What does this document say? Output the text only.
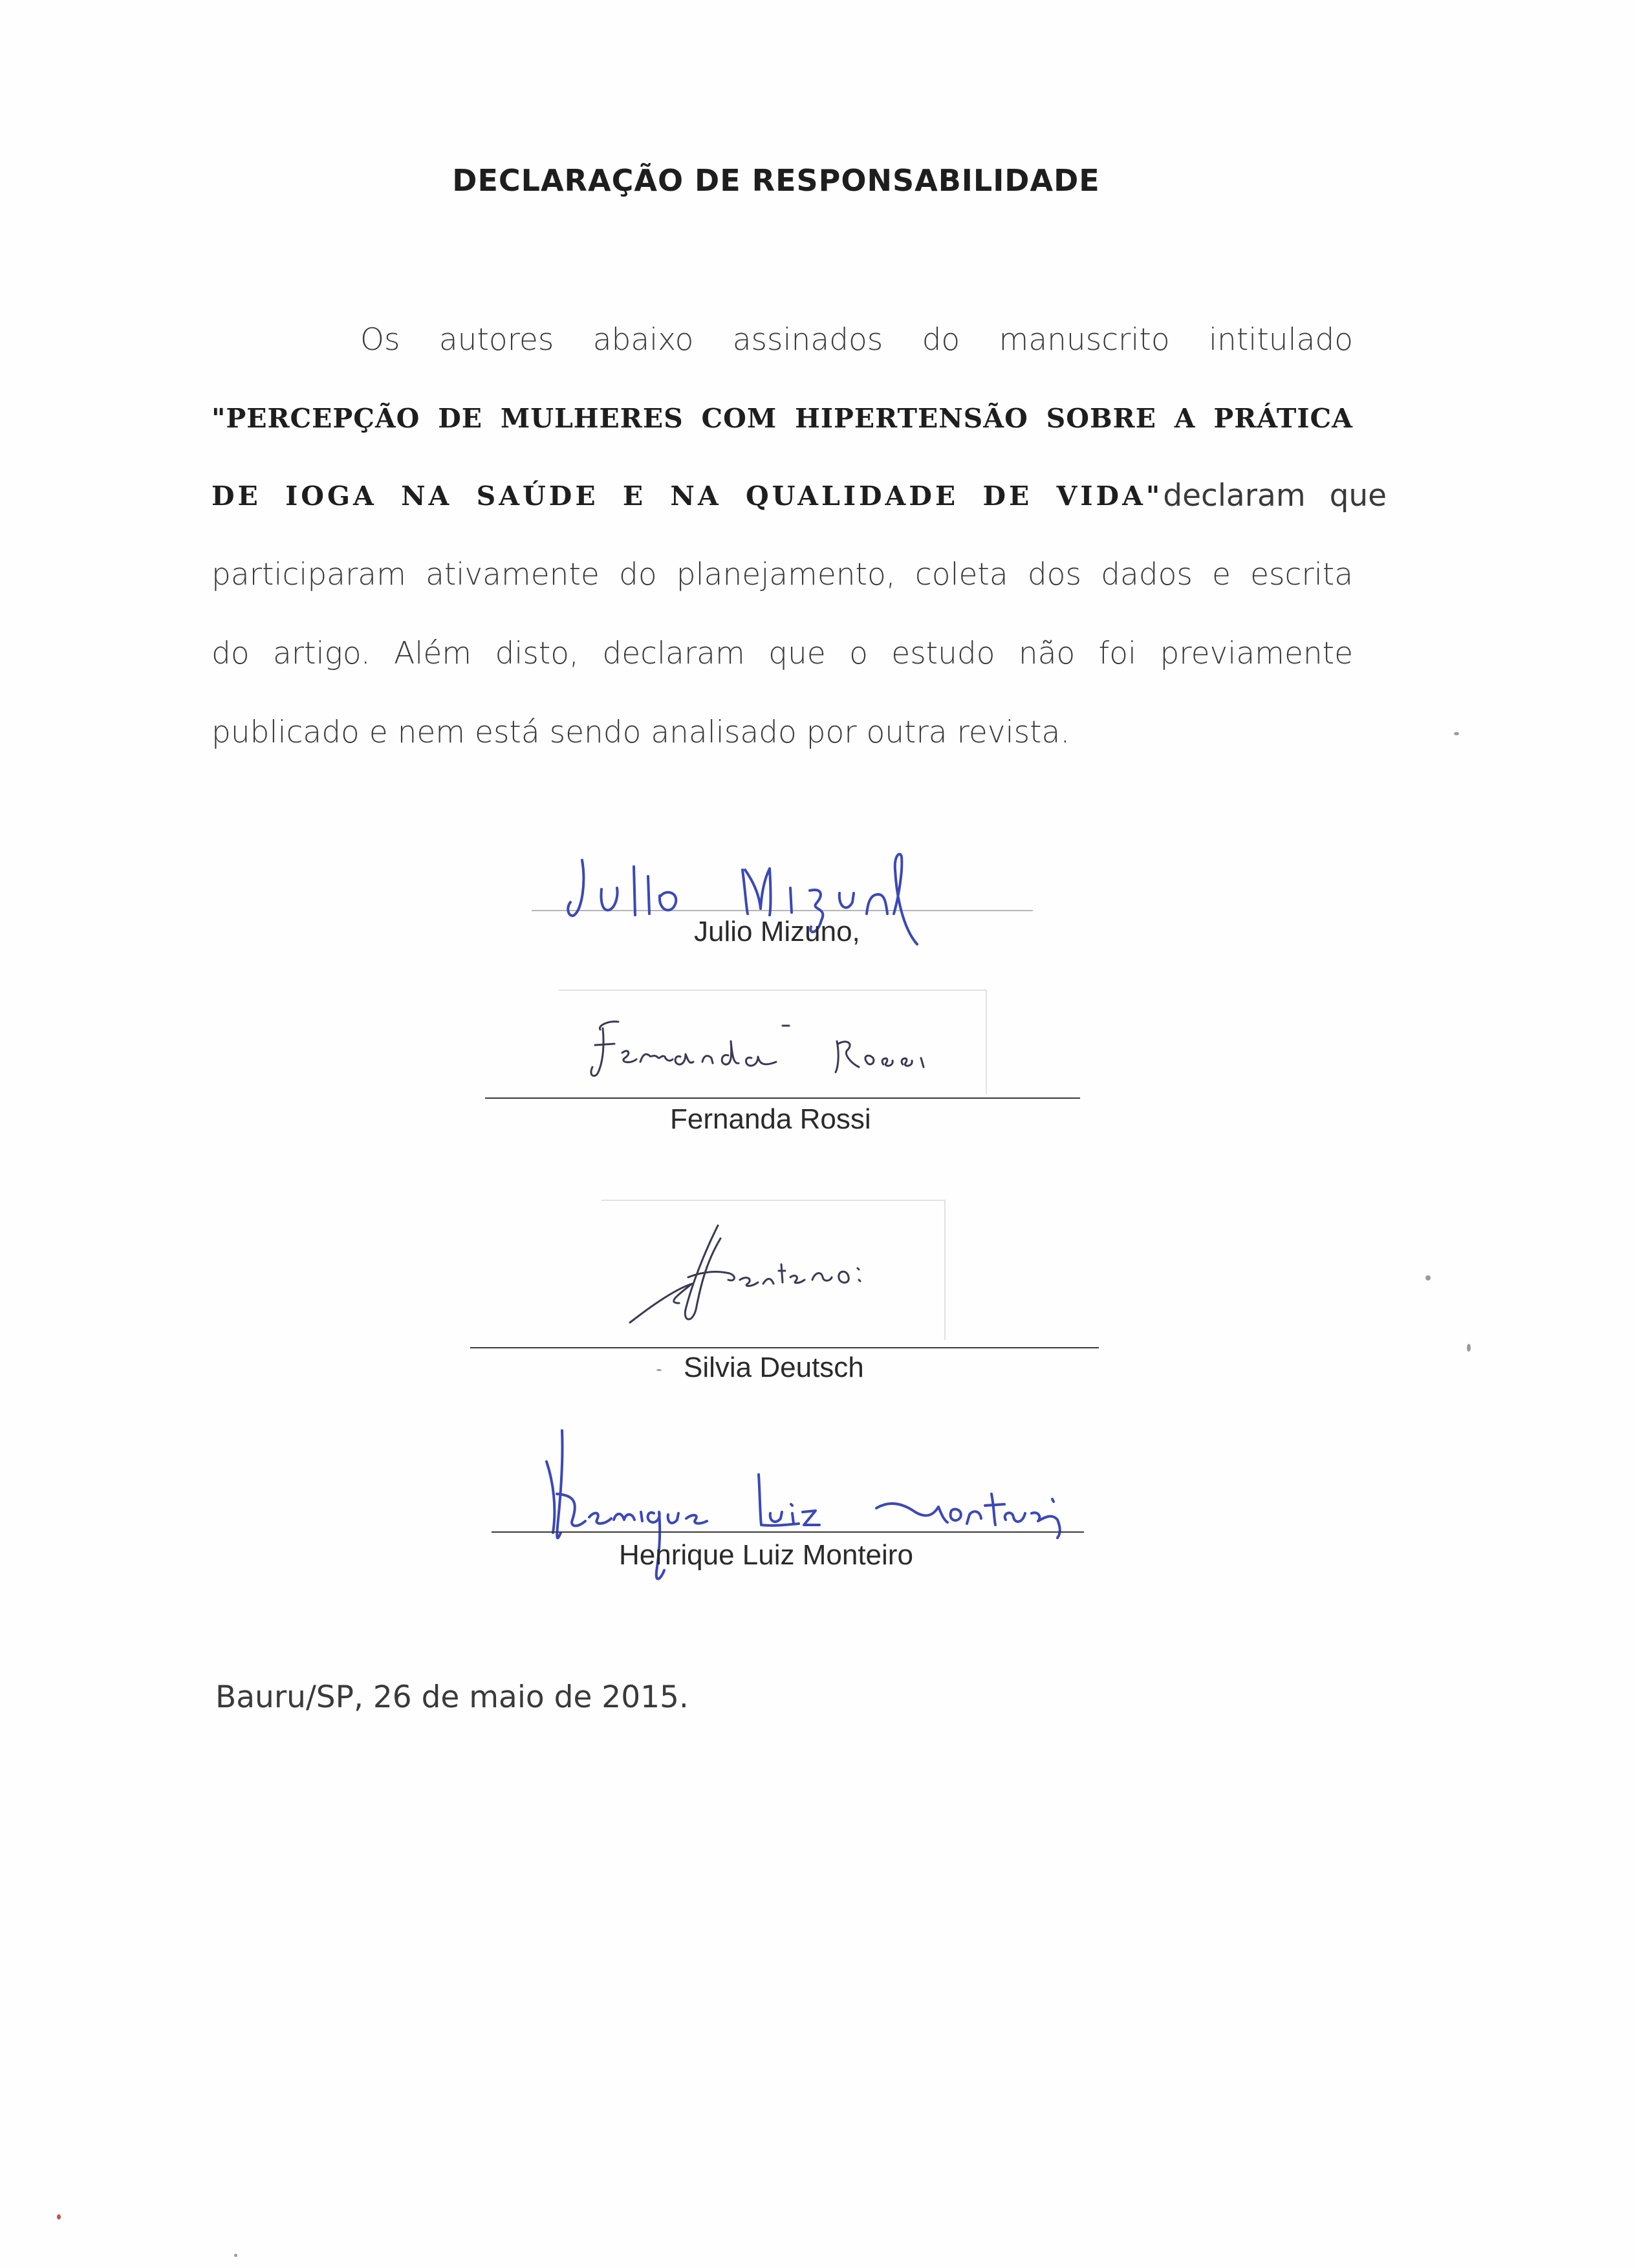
DECLARAÇÃO DE RESPONSABILIDADE
Os autores abaixo assinados do manuscrito intitulado
"PERCEPÇÃO DE MULHERES COM HIPERTENSÃO SOBRE A PRÁTICA
DE IOGA NA SAÚDE E NA QUALIDADE DE VIDA" declaram que
participaram ativamente do planejamento, coleta dos dados e escrita
do artigo. Além disto, declaram que o estudo não foi previamente
publicado e nem está sendo analisado por outra revista.
Julio Mizuno,
Fernanda Rossi
Silvia Deutsch
Henrique Luiz Monteiro
Bauru/SP, 26 de maio de 2015.
